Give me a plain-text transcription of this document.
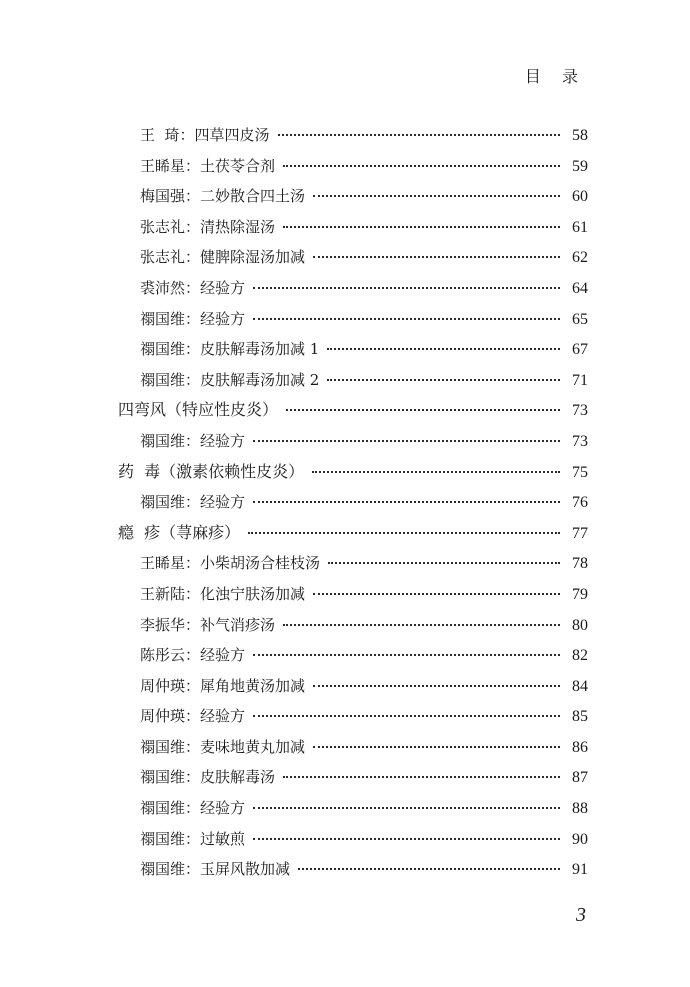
目 录
王  琦： 四草四皮汤	58
王睎星： 土茯苓合剂	59
梅国强： 二妙散合四土汤	60
张志礼： 清热除湿汤	61
张志礼： 健脾除湿汤加减	62
裘沛然： 经验方	64
禤国维： 经验方	65
禤国维： 皮肤解毒汤加减 1	67
禤国维： 皮肤解毒汤加减 2	71
四弯风（特应性皮炎）	73
禤国维： 经验方	73
药  毒（激素依赖性皮炎）	75
禤国维： 经验方	76
瘾  疹（荨麻疹）	77
王睎星： 小柴胡汤合桂枝汤	78
王新陆： 化浊宁肤汤加减	79
李振华： 补气消疹汤	80
陈彤云： 经验方	82
周仲瑛： 犀角地黄汤加减	84
周仲瑛： 经验方	85
禤国维： 麦味地黄丸加减	86
禤国维： 皮肤解毒汤	87
禤国维： 经验方	88
禤国维： 过敏煎	90
禤国维： 玉屏风散加减	91
3
